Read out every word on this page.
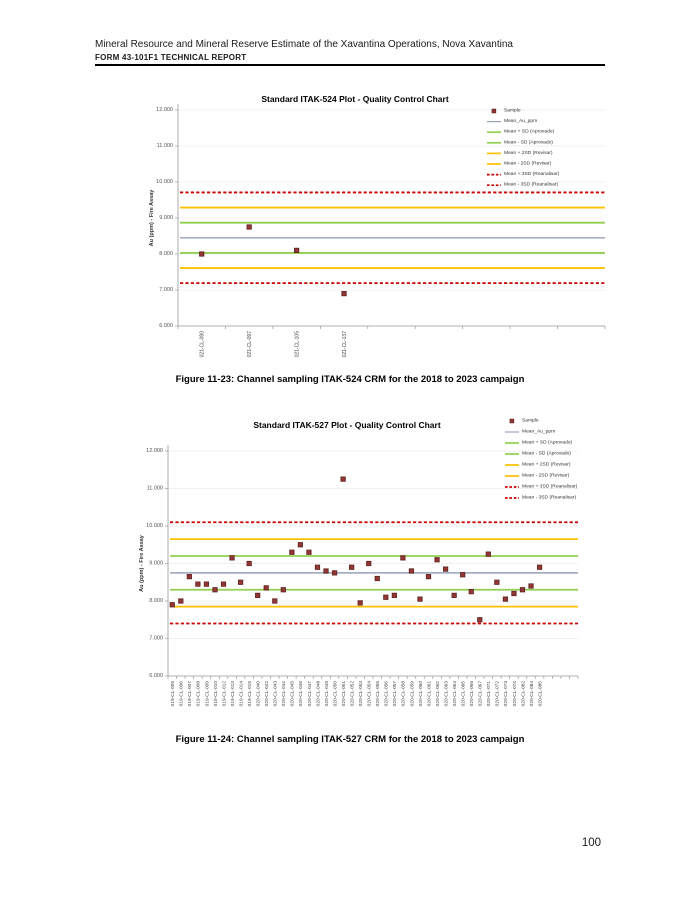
Mineral Resource and Mineral Reserve Estimate of the Xavantina Operations, Nova Xavantina
FORM 43-101F1 TECHNICAL REPORT
12.000
11.000
10.000
9.000
8.000
7.000
6.000
021-CL-090	021-CL-097	021-CL-105	021-CL-137
Au (ppm) - Fire Assay
Standard ITAK-524 Plot - Quality Control Chart
Sample
Mean_Au_ppm
Mean + SD (Aprovado)
Mean - SD (Aprovado)
Mean + 2SD (Revisar)
Mean - 2SD (Revisar)
Mean + 3SD (Reanalisar)
Mean - 3SD (Reanalisar)
Figure 11-23: Channel sampling ITAK-524 CRM for the 2018 to 2023 campaign
12.000
11.000
10.000
9.000
8.000
7.000
6.000
019-CL-005 019-CL-006 019-CL-007 019-CL-008 019-CL-009 019-CL-010 019-CL-012 019-CL-013 019-CL-014 019-CL-015 020-CL-040 020-CL-042 020-CL-043 020-CL-044 020-CL-045 020-CL-046 020-CL-047 020-CL-048 020-CL-049 020-CL-050 020-CL-051 020-CL-052 020-CL-053 020-CL-054 020-CL-055 020-CL-056 020-CL-057 020-CL-058 020-CL-059 020-CL-060 020-CL-061 020-CL-062 020-CL-063 020-CL-064 020-CL-065 020-CL-066 020-CL-067 020-CL-071 020-CL-072 020-CL-073 020-CL-074 020-CL-082 020-CL-084 020-CL-085
Au (ppm) - Fire Assay
Standard ITAK-527 Plot - Quality Control Chart	Sample
Mean_Au_ppm
Mean + SD (Aprovado)
Mean - SD (Aprovado)
Mean + 2SD (Revisar)
Mean - 2SD (Revisar)
Mean + 3SD (Reanalisar)
Mean - 3SD (Reanalisar)
Figure 11-24: Channel sampling ITAK-527 CRM for the 2018 to 2023 campaign
100
